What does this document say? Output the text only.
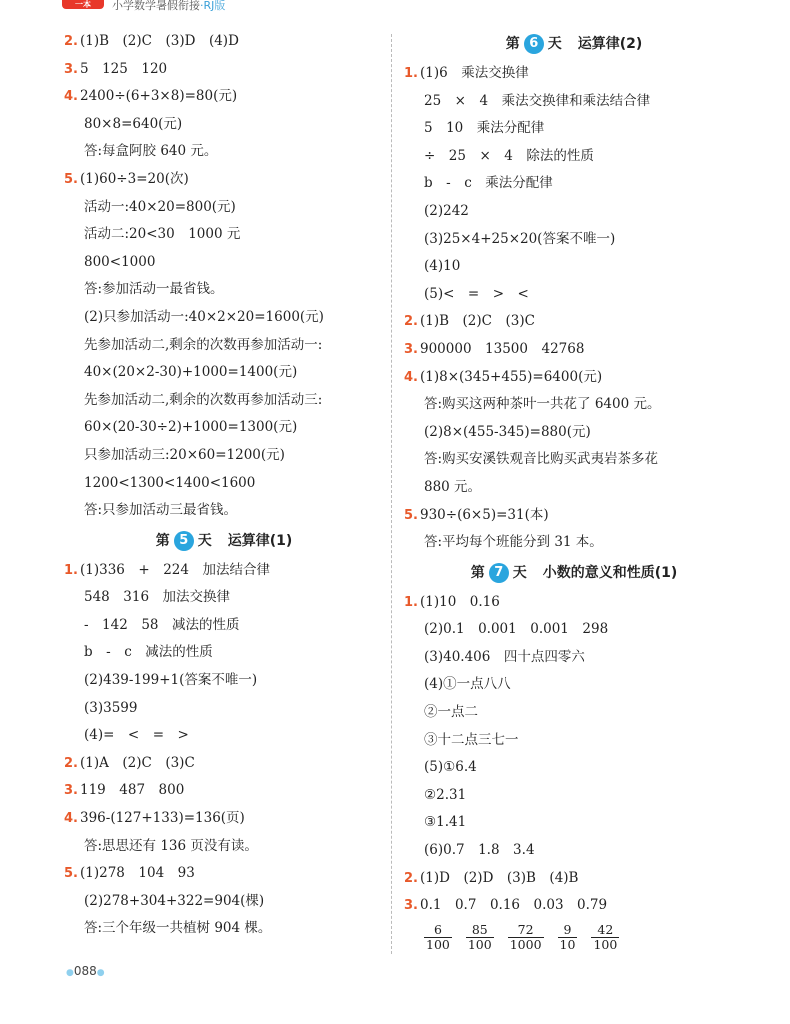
一本	小学数学暑假衔接·RJ版
2. (1)B　(2)C　(3)D　(4)D
3. 5　125　120
4. 2400÷(6+3×8)=80(元)
80×8=640(元)
答:每盒阿胶 640 元。
5. (1)60÷3=20(次)
活动一:40×20=800(元)
活动二:20<30　1000 元
800<1000
答:参加活动一最省钱。
(2)只参加活动一:40×2×20=1600(元)
先参加活动二,剩余的次数再参加活动一:
40×(20×2-30)+1000=1400(元)
先参加活动二,剩余的次数再参加活动三:
60×(20-30÷2)+1000=1300(元)
只参加活动三:20×60=1200(元)
1200<1300<1400<1600
答:只参加活动三最省钱。
第 5 天 运算律(1)
1. (1)336　+　224　加法结合律
548　316　加法交换律
-　142　58　减法的性质
b　-　c　减法的性质
(2)439-199+1(答案不唯一)
(3)3599
(4)=　<　=　>
2. (1)A　(2)C　(3)C
3. 119　487　800
4. 396-(127+133)=136(页)
答:思思还有 136 页没有读。
5. (1)278　104　93
(2)278+304+322=904(棵)
答:三个年级一共植树 904 棵。
第 6 天 运算律(2)
1. (1)6　乘法交换律
25　×　4　乘法交换律和乘法结合律
5　10　乘法分配律
÷　25　×　4　除法的性质
b　-　c　乘法分配律
(2)242
(3)25×4+25×20(答案不唯一)
(4)10
(5)<　=　>　<
2. (1)B　(2)C　(3)C
3. 900000　13500　42768
4. (1)8×(345+455)=6400(元)
答:购买这两种茶叶一共花了 6400 元。
(2)8×(455-345)=880(元)
答:购买安溪铁观音比购买武夷岩茶多花
880 元。
5. 930÷(6×5)=31(本)
答:平均每个班能分到 31 本。
第 7 天 小数的意义和性质(1)
1. (1)10　0.16
(2)0.1　0.001　0.001　298
(3)40.406　四十点四零六
(4)①一点八八
②一点二
③十二点三七一
(5)①6.4
②2.31
③1.41
(6)0.7　1.8　3.4
2. (1)D　(2)D　(3)B　(4)B
3. 0.1　0.7　0.16　0.03　0.79
$\frac{6}{100} \frac{85}{100} \frac{72}{1000} \frac{9}{10} \frac{42}{100}$
●088●
